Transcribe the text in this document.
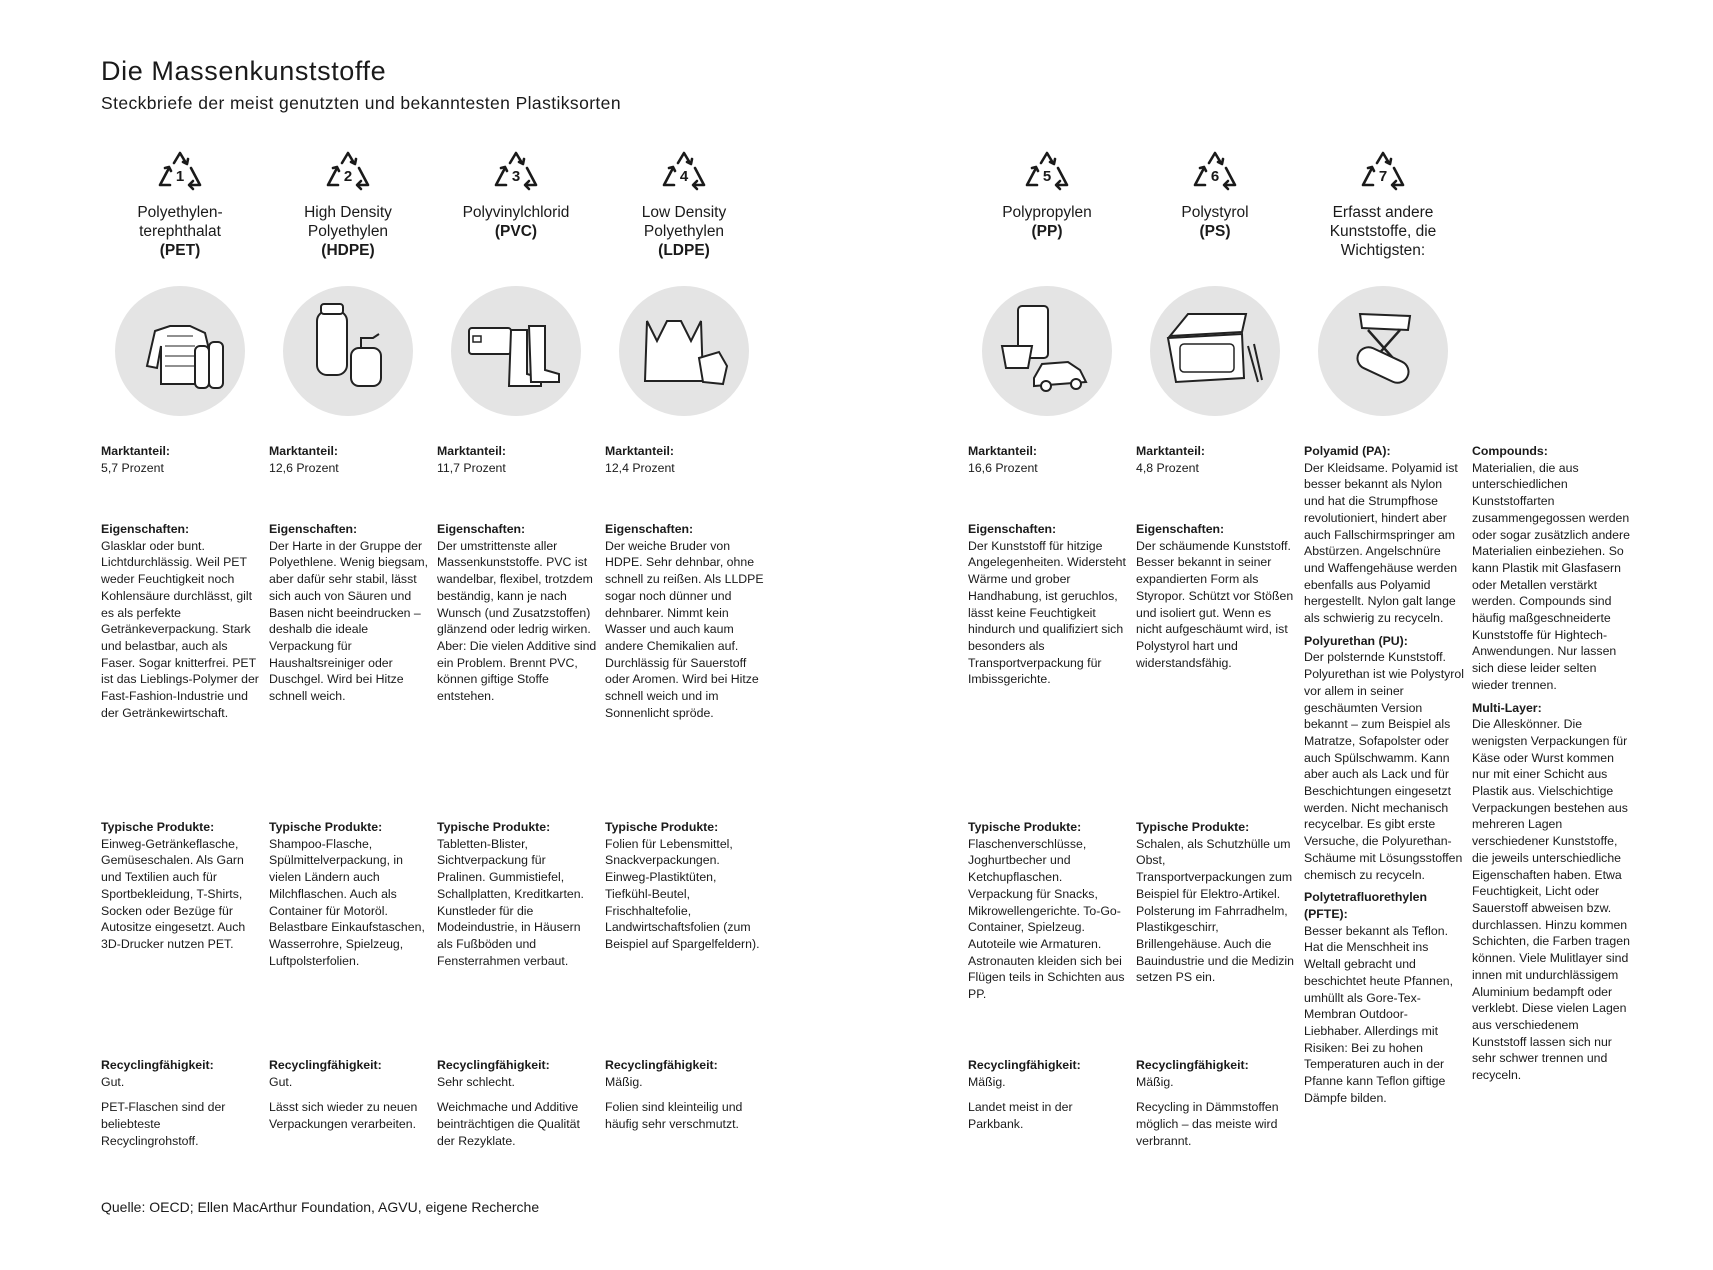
Die Massenkunststoffe
Steckbriefe der meist genutzten und bekanntesten Plastiksorten
1
Polyethylen-
terephthalat
(PET)
Marktanteil:
5,7 Prozent
Eigenschaften:
Glasklar oder bunt. Lichtdurchlässig. Weil PET weder Feuchtigkeit noch Kohlensäure durchlässt, gilt es als perfekte Getränkeverpackung. Stark und belastbar, auch als Faser. Sogar knitterfrei. PET ist das Lieblings-Polymer der Fast-Fashion-Industrie und der Getränkewirtschaft.
Typische Produkte:
Einweg-Getränkeflasche, Gemüseschalen. Als Garn und Textilien auch für Sportbekleidung, T-Shirts, Socken oder Bezüge für Autositze eingesetzt. Auch 3D-Drucker nutzen PET.
Recyclingfähigkeit:
Gut.
PET-Flaschen sind der beliebteste Recyclingrohstoff.
2
High Density
Polyethylen
(HDPE)
Marktanteil:
12,6 Prozent
Eigenschaften:
Der Harte in der Gruppe der Polyethlene. Wenig biegsam, aber dafür sehr stabil, lässt sich auch von Säuren und Basen nicht beeindrucken – deshalb die ideale Verpackung für Haushaltsreiniger oder Duschgel. Wird bei Hitze schnell weich.
Typische Produkte:
Shampoo-Flasche, Spülmittelverpackung, in vielen Ländern auch Milchflaschen. Auch als Container für Motoröl. Belastbare Einkaufstaschen, Wasserrohre, Spielzeug, Luftpolsterfolien.
Recyclingfähigkeit:
Gut.
Lässt sich wieder zu neuen Verpackungen verarbeiten.
3
Polyvinylchlorid
(PVC)
Marktanteil:
11,7 Prozent
Eigenschaften:
Der umstrittenste aller Massenkunststoffe. PVC ist wandelbar, flexibel, trotzdem beständig, kann je nach Wunsch (und Zusatzstoffen) glänzend oder ledrig wirken. Aber: Die vielen Additive sind ein Problem. Brennt PVC, können giftige Stoffe entstehen.
Typische Produkte:
Tabletten-Blister, Sichtverpackung für Pralinen. Gummistiefel, Schallplatten, Kreditkarten. Kunstleder für die Modeindustrie, in Häusern als Fußböden und Fensterrahmen verbaut.
Recyclingfähigkeit:
Sehr schlecht.
Weichmache und Additive beinträchtigen die Qualität der Rezyklate.
4
Low Density
Polyethylen
(LDPE)
Marktanteil:
12,4 Prozent
Eigenschaften:
Der weiche Bruder von HDPE. Sehr dehnbar, ohne schnell zu reißen. Als LLDPE sogar noch dünner und dehnbarer. Nimmt kein Wasser und auch kaum andere Chemikalien auf. Durchlässig für Sauerstoff oder Aromen. Wird bei Hitze schnell weich und im Sonnenlicht spröde.
Typische Produkte:
Folien für Lebensmittel, Snackverpackungen. Einweg-Plastiktüten, Tiefkühl-Beutel, Frischhaltefolie, Landwirtschaftsfolien (zum Beispiel auf Spargelfeldern).
Recyclingfähigkeit:
Mäßig.
Folien sind kleinteilig und häufig sehr verschmutzt.
5
Polypropylen
(PP)
Marktanteil:
16,6 Prozent
Eigenschaften:
Der Kunststoff für hitzige Angelegenheiten. Widersteht Wärme und grober Handhabung, ist geruchlos, lässt keine Feuchtigkeit hindurch und qualifiziert sich besonders als Transportverpackung für Imbissgerichte.
Typische Produkte:
Flaschenverschlüsse, Joghurtbecher und Ketchupflaschen. Verpackung für Snacks, Mikrowellengerichte. To-Go-Container, Spielzeug. Autoteile wie Armaturen. Astronauten kleiden sich bei Flügen teils in Schichten aus PP.
Recyclingfähigkeit:
Mäßig.
Landet meist in der Parkbank.
6
Polystyrol
(PS)
Marktanteil:
4,8 Prozent
Eigenschaften:
Der schäumende Kunststoff. Besser bekannt in seiner expandierten Form als Styropor. Schützt vor Stößen und isoliert gut. Wenn es nicht aufgeschäumt wird, ist Polystyrol hart und widerstandsfähig.
Typische Produkte:
Schalen, als Schutzhülle um Obst, Transportverpackungen zum Beispiel für Elektro-Artikel. Polsterung im Fahrradhelm, Plastikgeschirr, Brillengehäuse. Auch die Bauindustrie und die Medizin setzen PS ein.
Recyclingfähigkeit:
Mäßig.
Recycling in Dämmstoffen möglich – das meiste wird verbrannt.
7
Erfasst andere
Kunststoffe, die
Wichtigsten:
Polyamid (PA):
Der Kleidsame. Polyamid ist besser bekannt als Nylon und hat die Strumpfhose revolutioniert, hindert aber auch Fallschirmspringer am Abstürzen. Angelschnüre und Waffengehäuse werden ebenfalls aus Polyamid hergestellt. Nylon galt lange als schwierig zu recyceln.
Polyurethan (PU):
Der polsternde Kunststoff. Polyurethan ist wie Polystyrol vor allem in seiner geschäumten Version bekannt – zum Beispiel als Matratze, Sofapolster oder auch Spülschwamm. Kann aber auch als Lack und für Beschichtungen eingesetzt werden. Nicht mechanisch recycelbar. Es gibt erste Versuche, die Polyurethan-Schäume mit Lösungsstoffen chemisch zu recyceln.
Polytetrafluorethylen (PFTE):
Besser bekannt als Teflon. Hat die Menschheit ins Weltall gebracht und beschichtet heute Pfannen, umhüllt als Gore-Tex-Membran Outdoor-Liebhaber. Allerdings mit Risiken: Bei zu hohen Temperaturen auch in der Pfanne kann Teflon giftige Dämpfe bilden.
Compounds:
Materialien, die aus unterschiedlichen Kunststoffarten zusammengegossen werden oder sogar zusätzlich andere Materialien einbeziehen. So kann Plastik mit Glasfasern oder Metallen verstärkt werden. Compounds sind häufig maßgeschneiderte Kunststoffe für Hightech-Anwendungen. Nur lassen sich diese leider selten wieder trennen.
Multi-Layer:
Die Alleskönner. Die wenigsten Verpackungen für Käse oder Wurst kommen nur mit einer Schicht aus Plastik aus. Vielschichtige Verpackungen bestehen aus mehreren Lagen verschiedener Kunststoffe, die jeweils unterschiedliche Eigenschaften haben. Etwa Feuchtigkeit, Licht oder Sauerstoff abweisen bzw. durchlassen. Hinzu kommen Schichten, die Farben tragen können. Viele Mulitlayer sind innen mit undurchlässigem Aluminium bedampft oder verklebt. Diese vielen Lagen aus verschiedenem Kunststoff lassen sich nur sehr schwer trennen und recyceln.
Quelle: OECD; Ellen MacArthur Foundation, AGVU, eigene Recherche
